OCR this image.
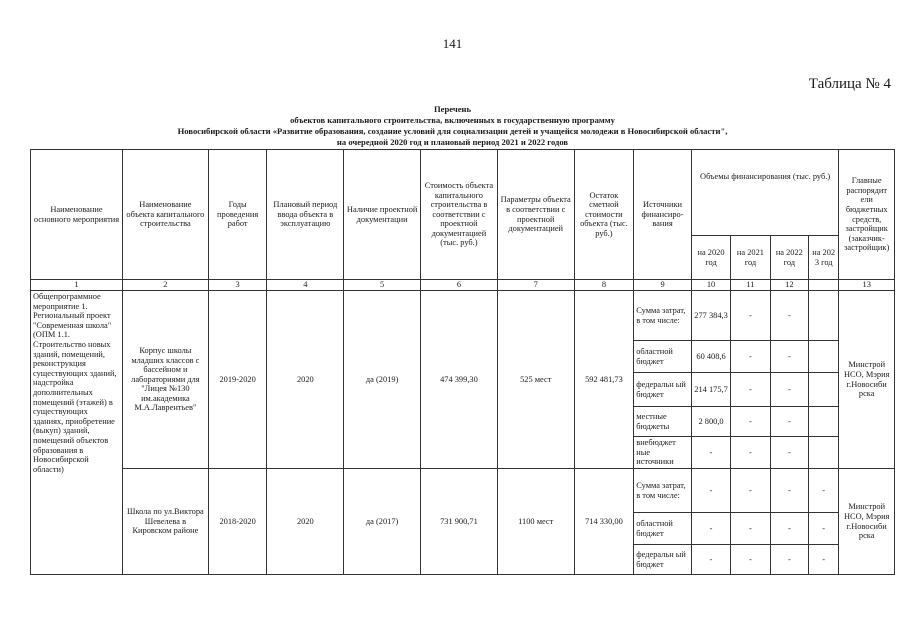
141
Таблица № 4
Перечень
объектов капитального строительства, включенных в государственную программу
Новосибирской области «Развитие образования, создание условий для социализации детей и учащейся молодежи в Новосибирской области",
на очередной 2020 год и плановый период 2021 и 2022 годов
Наименование основного мероприятия	Наименование объекта капитального строительства	Годы проведения работ	Плановый период ввода объекта в эксплуатацию	Наличие проектной документации	Стоимость объекта капитального строительства в соответствии с проектной документацией (тыс. руб.)	Параметры объекта в соответствии с проектной документацией	Остаток сметной стоимости объекта (тыс. руб.)	Источники финансиро-вания	Объемы финансирования (тыс. руб.)				Главные распорядит ели бюджетных средств, застройщик (заказчик-застройщик)
									на 2020 год	на 2021 год	на 2022 год	на 202 3 год	
1	2	3	4	5	6	7	8	9	10	11	12		13
Общепрограммное мероприятие 1. Региональный проект "Современная школа" (ОПМ 1.1. Строительство новых зданий, помещений, реконструкция существующих зданий, надстройка дополнительных помещений (этажей) в существующих зданиях, приобретение (выкуп) зданий, помещений объектов образования в Новосибирской области)	Корпус школы младших классов с бассейном и лабораториями для "Лицея №130 им.академика М.А.Лаврентьев"	2019-2020	2020	да (2019)	474 399,30	525 мест	592 481,73	Сумма затрат, в том числе:	277 384,3	-	-		Минстрой НСО, Мэрия г.Новосиби рска
								областной бюджет	60 408,6	-	-		
								федеральн ый бюджет	214 175,7	-	-		
								местные бюджеты	2 800,0	-	-		
								внебюджет ные источники	-	-	-		
	Школа по ул.Виктора Шевелева в Кировском районе	2018-2020	2020	да (2017)	731 900,71	1100 мест	714 330,00	Сумма затрат, в том числе:	-	-	-	-	Минстрой НСО, Мэрия г.Новосиби рска
								областной бюджет	-	-	-	-	
								федеральн ый бюджет	-	-	-	-	
